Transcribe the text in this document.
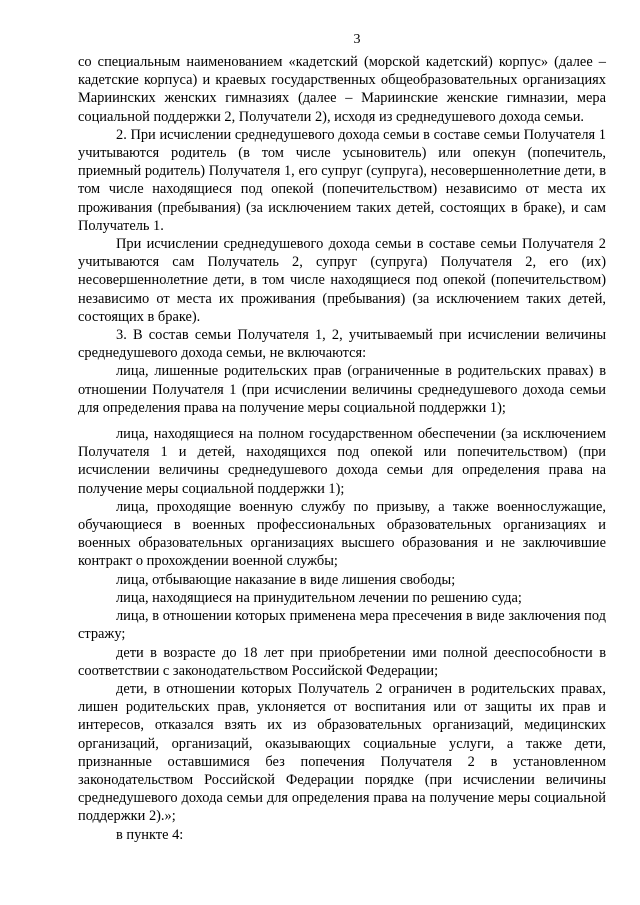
3

со специальным наименованием «кадетский (морской кадетский) корпус» (далее – кадетские корпуса) и краевых государственных общеобразовательных организациях Мариинских женских гимназиях (далее – Мариинские женские гимназии, мера социальной поддержки 2, Получатели 2), исходя из среднедушевого дохода семьи.

2. При исчислении среднедушевого дохода семьи в составе семьи Получателя 1 учитываются родитель (в том числе усыновитель) или опекун (попечитель, приемный родитель) Получателя 1, его супруг (супруга), несовершеннолетние дети, в том числе находящиеся под опекой (попечительством) независимо от места их проживания (пребывания) (за исключением таких детей, состоящих в браке), и сам Получатель 1.

При исчислении среднедушевого дохода семьи в составе семьи Получателя 2 учитываются сам Получатель 2, супруг (супруга) Получателя 2, его (их) несовершеннолетние дети, в том числе находящиеся под опекой (попечительством) независимо от места их проживания (пребывания) (за исключением таких детей, состоящих в браке).

3. В состав семьи Получателя 1, 2, учитываемый при исчислении величины среднедушевого дохода семьи, не включаются:

лица, лишенные родительских прав (ограниченные в родительских правах) в отношении Получателя 1 (при исчислении величины среднедушевого дохода семьи для определения права на получение меры социальной поддержки 1);

лица, находящиеся на полном государственном обеспечении (за исключением Получателя 1 и детей, находящихся под опекой или попечительством) (при исчислении величины среднедушевого дохода семьи для определения права на получение меры социальной поддержки 1);

лица, проходящие военную службу по призыву, а также военнослужащие, обучающиеся в военных профессиональных образовательных организациях и военных образовательных организациях высшего образования и не заключившие контракт о прохождении военной службы;

лица, отбывающие наказание в виде лишения свободы;

лица, находящиеся на принудительном лечении по решению суда;

лица, в отношении которых применена мера пресечения в виде заключения под стражу;

дети в возрасте до 18 лет при приобретении ими полной дееспособности в соответствии с законодательством Российской Федерации;

дети, в отношении которых Получатель 2 ограничен в родительских правах, лишен родительских прав, уклоняется от воспитания или от защиты их прав и интересов, отказался взять их из образовательных организаций, медицинских организаций, организаций, оказывающих социальные услуги, а также дети, признанные оставшимися без попечения Получателя 2 в установленном законодательством Российской Федерации порядке (при исчислении величины среднедушевого дохода семьи для определения права на получение меры социальной поддержки 2).»;

в пункте 4:
